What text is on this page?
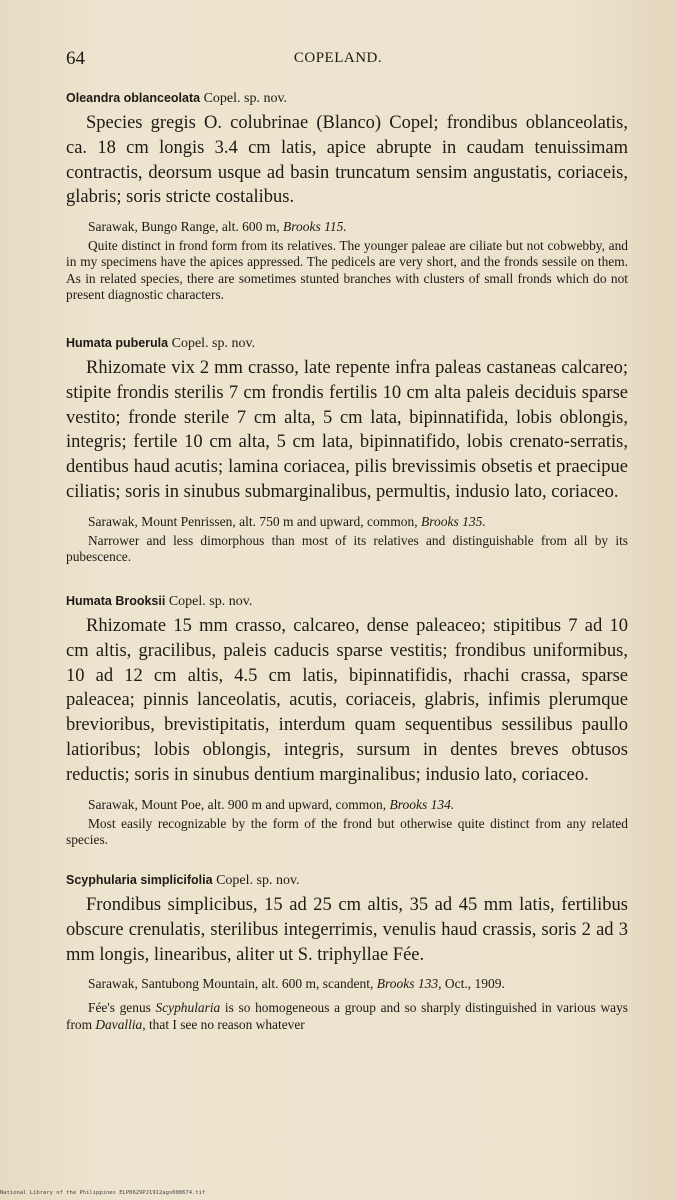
64	COPELAND.
Oleandra oblanceolata Copel. sp. nov.

Species gregis O. colubrinae (Blanco) Copel; frondibus oblanceolatis, ca. 18 cm longis 3.4 cm latis, apice abrupte in caudam tenuissimam contractis, deorsum usque ad basin truncatum sensim angustatis, coriaceis, glabris; soris stricte costalibus.

Sarawak, Bungo Range, alt. 600 m, Brooks 115.

Quite distinct in frond form from its relatives. The younger paleae are ciliate but not cobwebby, and in my specimens have the apices appressed. The pedicels are very short, and the fronds sessile on them. As in related species, there are sometimes stunted branches with clusters of small fronds which do not present diagnostic characters.

Humata puberula Copel. sp. nov.

Rhizomate vix 2 mm crasso, late repente infra paleas castaneas calcareo; stipite frondis sterilis 7 cm frondis fertilis 10 cm alta paleis deciduis sparse vestito; fronde sterile 7 cm alta, 5 cm lata, bipinnatifida, lobis oblongis, integris; fertile 10 cm alta, 5 cm lata, bipinnatifido, lobis crenato-serratis, dentibus haud acutis; lamina coriacea, pilis brevissimis obsetis et praecipue ciliatis; soris in sinubus submarginalibus, permultis, indusio lato, coriaceo.

Sarawak, Mount Penrissen, alt. 750 m and upward, common, Brooks 135.

Narrower and less dimorphous than most of its relatives and distinguishable from all by its pubescence.

Humata Brooksii Copel. sp. nov.

Rhizomate 15 mm crasso, calcareo, dense paleaceo; stipitibus 7 ad 10 cm altis, gracilibus, paleis caducis sparse vestitis; frondibus uniformibus, 10 ad 12 cm altis, 4.5 cm latis, bipinnatifidis, rhachi crassa, sparse paleacea; pinnis lanceolatis, acutis, coriaceis, glabris, infimis plerumque brevioribus, brevistipitatis, interdum quam sequentibus sessilibus paullo latioribus; lobis oblongis, integris, sursum in dentes breves obtusos reductis; soris in sinubus dentium marginalibus; indusio lato, coriaceo.

Sarawak, Mount Poe, alt. 900 m and upward, common, Brooks 134.

Most easily recognizable by the form of the frond but otherwise quite distinct from any related species.

Scyphularia simplicifolia Copel. sp. nov.

Frondibus simplicibus, 15 ad 25 cm altis, 35 ad 45 mm latis, fertilibus obscure crenulatis, sterilibus integerrimis, venulis haud crassis, soris 2 ad 3 mm longis, linearibus, aliter ut S. triphyllae Fée.

Sarawak, Santubong Mountain, alt. 600 m, scandent, Brooks 133, Oct., 1909.

Fée's genus Scyphularia is so homogeneous a group and so sharply distinguished in various ways from Davallia, that I see no reason whatever

National Library of the Philippines ELP0629PJ1912ags000674.tif
